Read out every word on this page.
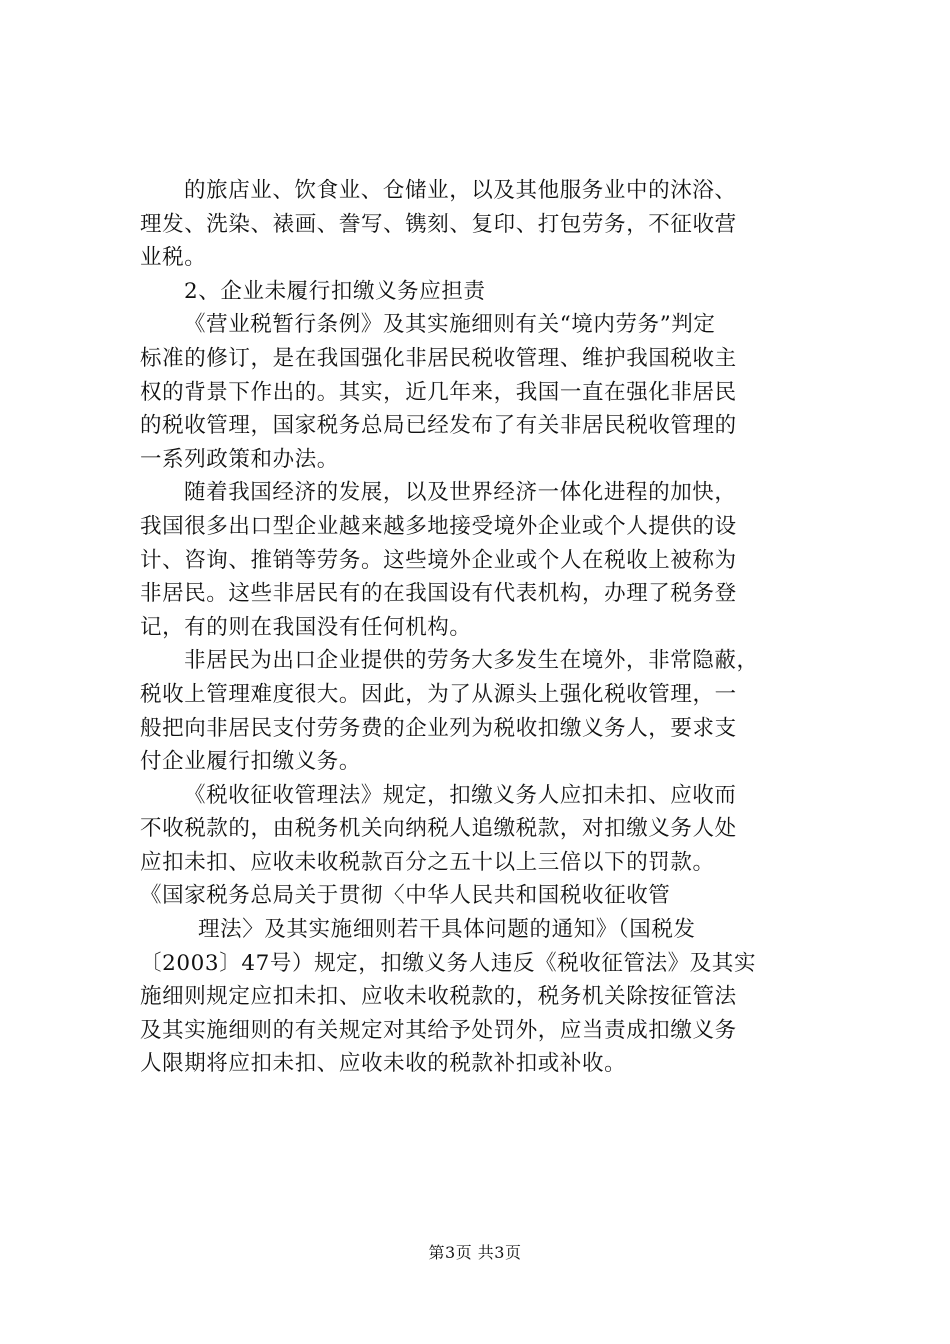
的旅店业、饮食业、仓储业，以及其他服务业中的沐浴、
理发、洗染、裱画、誊写、镌刻、复印、打包劳务，不征收营
业税。
2、企业未履行扣缴义务应担责
《营业税暂行条例》及其实施细则有关“境内劳务”判定
标准的修订，是在我国强化非居民税收管理、维护我国税收主
权的背景下作出的。其实，近几年来，我国一直在强化非居民
的税收管理，国家税务总局已经发布了有关非居民税收管理的
一系列政策和办法。
随着我国经济的发展，以及世界经济一体化进程的加快，
我国很多出口型企业越来越多地接受境外企业或个人提供的设
计、咨询、推销等劳务。这些境外企业或个人在税收上被称为
非居民。这些非居民有的在我国设有代表机构，办理了税务登
记，有的则在我国没有任何机构。
非居民为出口企业提供的劳务大多发生在境外，非常隐蔽，
税收上管理难度很大。因此，为了从源头上强化税收管理，一
般把向非居民支付劳务费的企业列为税收扣缴义务人，要求支
付企业履行扣缴义务。
《税收征收管理法》规定，扣缴义务人应扣未扣、应收而
不收税款的，由税务机关向纳税人追缴税款，对扣缴义务人处
应扣未扣、应收未收税款百分之五十以上三倍以下的罚款。
《国家税务总局关于贯彻〈中华人民共和国税收征收管
理法〉及其实施细则若干具体问题的通知》（国税发
〔2003〕47号）规定，扣缴义务人违反《税收征管法》及其实
施细则规定应扣未扣、应收未收税款的，税务机关除按征管法
及其实施细则的有关规定对其给予处罚外，应当责成扣缴义务
人限期将应扣未扣、应收未收的税款补扣或补收。
第3页 共3页
